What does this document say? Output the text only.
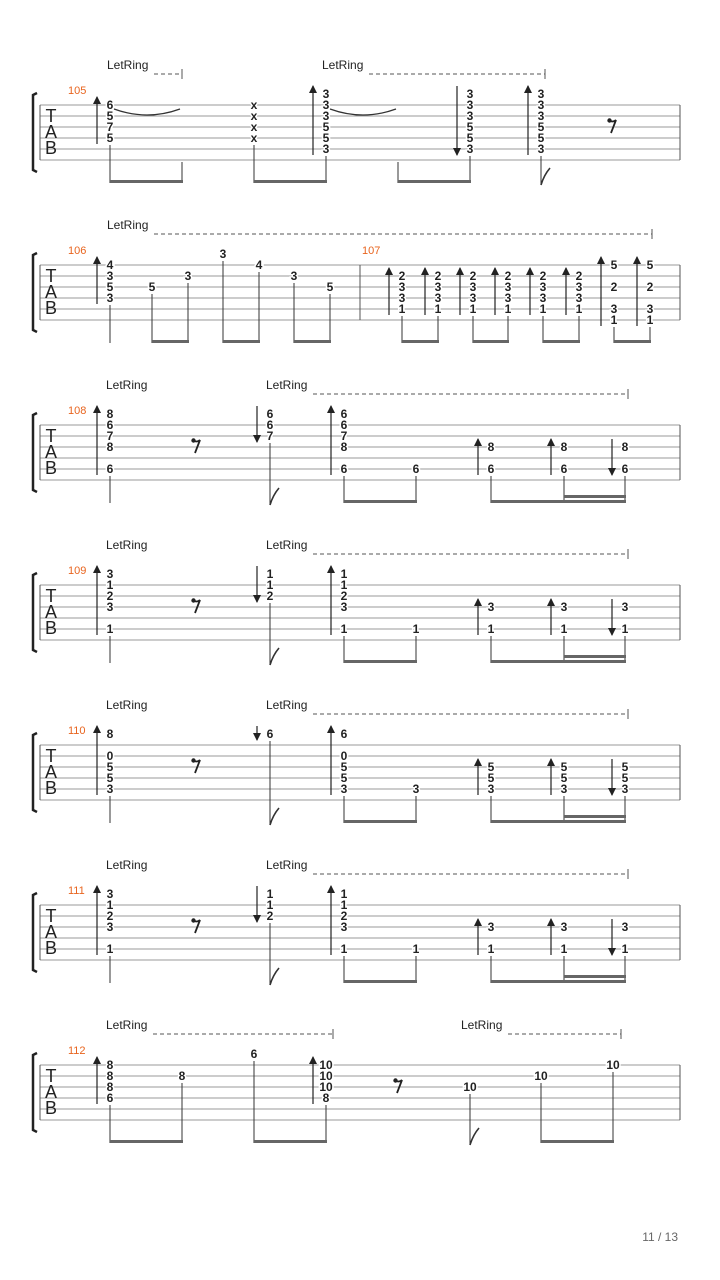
T
A
B
105
LetRing	LetRing
6
5
7
5
x
x
x
x
3
3
3
5
5
3
3
3
3
5
5
3
3
3
3
5
5
3
T
A
B
106	107
LetRing
4
3
5
3
5
3
3
4
3
5
2
3
3
1
2
3
3
1
2
3
3
1
2
3
3
1
2
3
3
1
2
3
3
1
5
2
3
1
5
2
3
1
T
A
B
108
LetRing	LetRing
8
6
7
8
6
6
6
7
6
6
7
8
6	6
8
6
8
6
8
6
T
A
B
109
LetRing	LetRing
3
1
2
3
1
1
1
2
1
1
2
3
1	1
3
1
3
1
3
1
T
A
B
110
LetRing	LetRing
8
0
5
5
3
6	6
0
5
5
3	3
5
5
3
5
5
3
5
5
3
T
A
B
111
LetRing	LetRing
3
1
2
3
1
1
1
2
1
1
2
3
1	1
3
1
3
1
3
1
T
A
B
112
LetRing	LetRing
8
8
8
6
8
6
10
10
10
8
10
10
10
11 / 13
